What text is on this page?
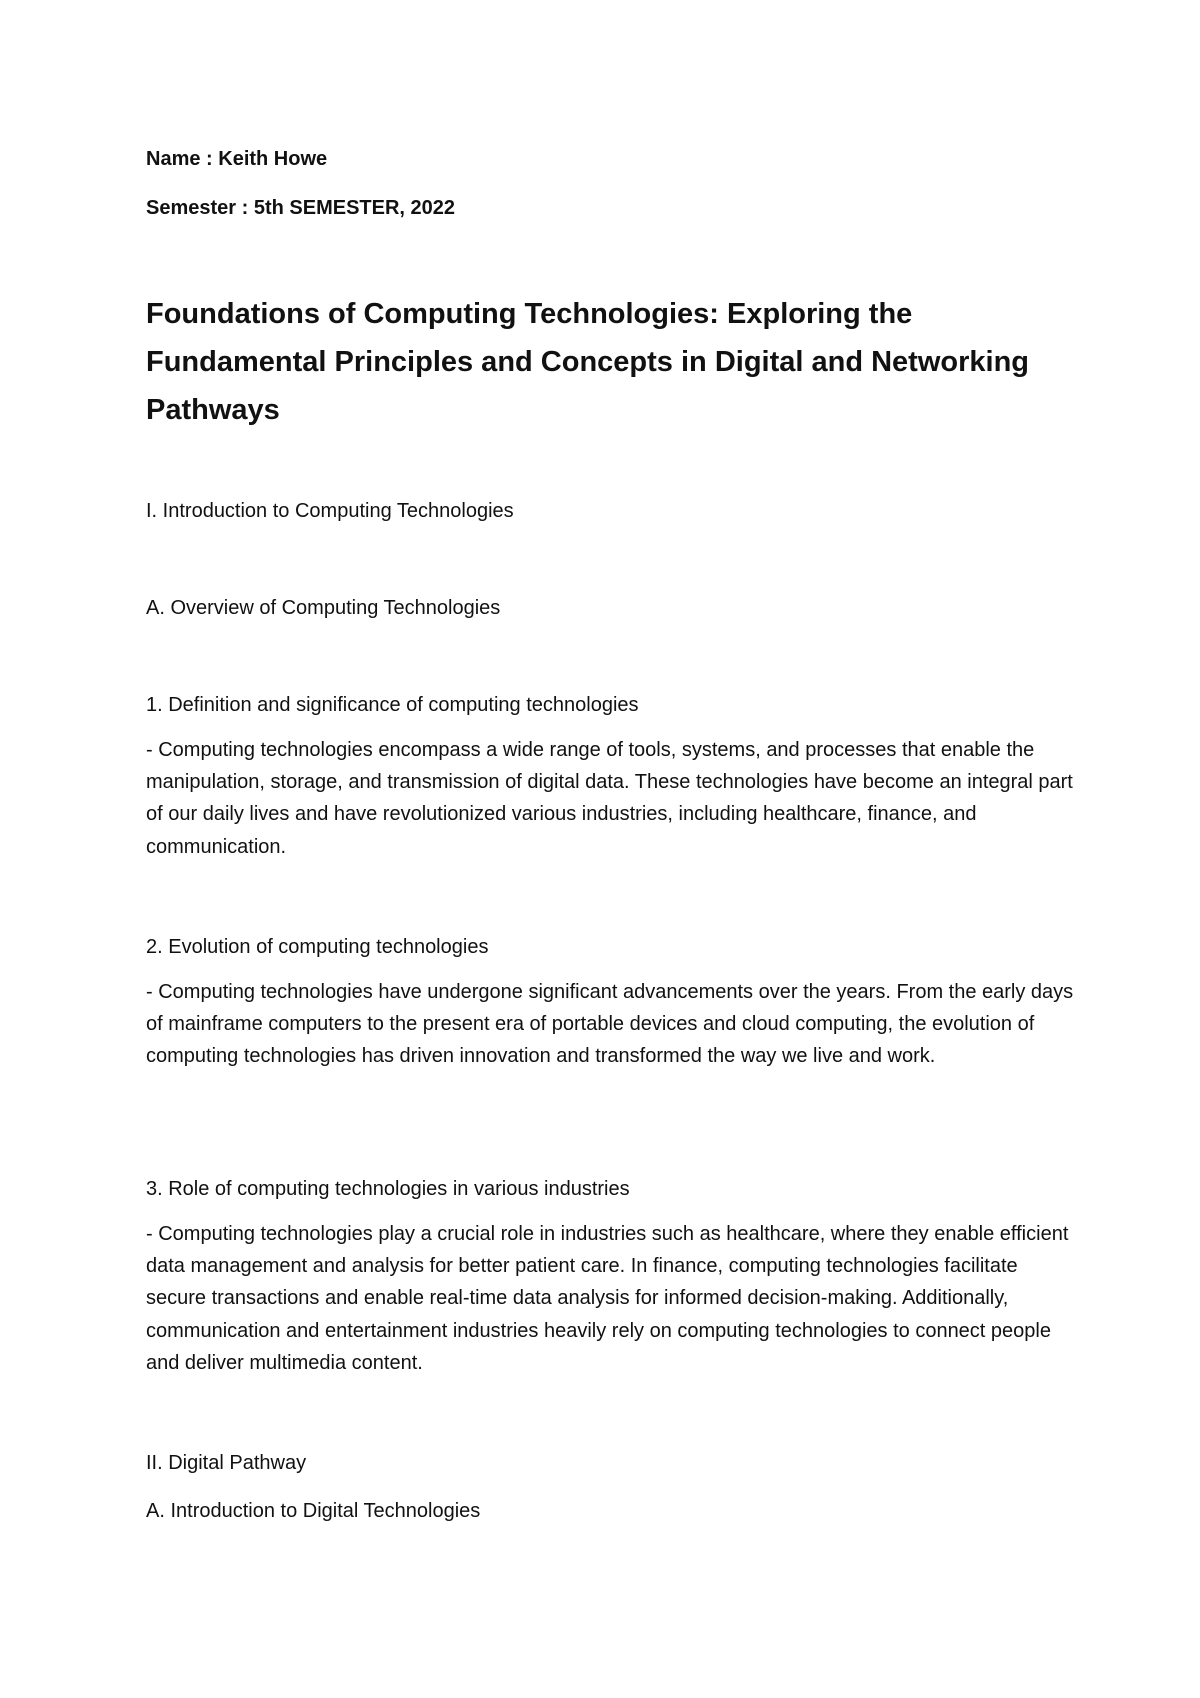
Name : Keith Howe

Semester : 5th SEMESTER, 2022

Foundations of Computing Technologies: Exploring the Fundamental Principles and Concepts in Digital and Networking Pathways

I. Introduction to Computing Technologies

A. Overview of Computing Technologies

1. Definition and significance of computing technologies

- Computing technologies encompass a wide range of tools, systems, and processes that enable the manipulation, storage, and transmission of digital data. These technologies have become an integral part of our daily lives and have revolutionized various industries, including healthcare, finance, and communication.

2. Evolution of computing technologies

- Computing technologies have undergone significant advancements over the years. From the early days of mainframe computers to the present era of portable devices and cloud computing, the evolution of computing technologies has driven innovation and transformed the way we live and work.

3. Role of computing technologies in various industries

- Computing technologies play a crucial role in industries such as healthcare, where they enable efficient data management and analysis for better patient care. In finance, computing technologies facilitate secure transactions and enable real-time data analysis for informed decision-making. Additionally, communication and entertainment industries heavily rely on computing technologies to connect people and deliver multimedia content.

II. Digital Pathway

A. Introduction to Digital Technologies
